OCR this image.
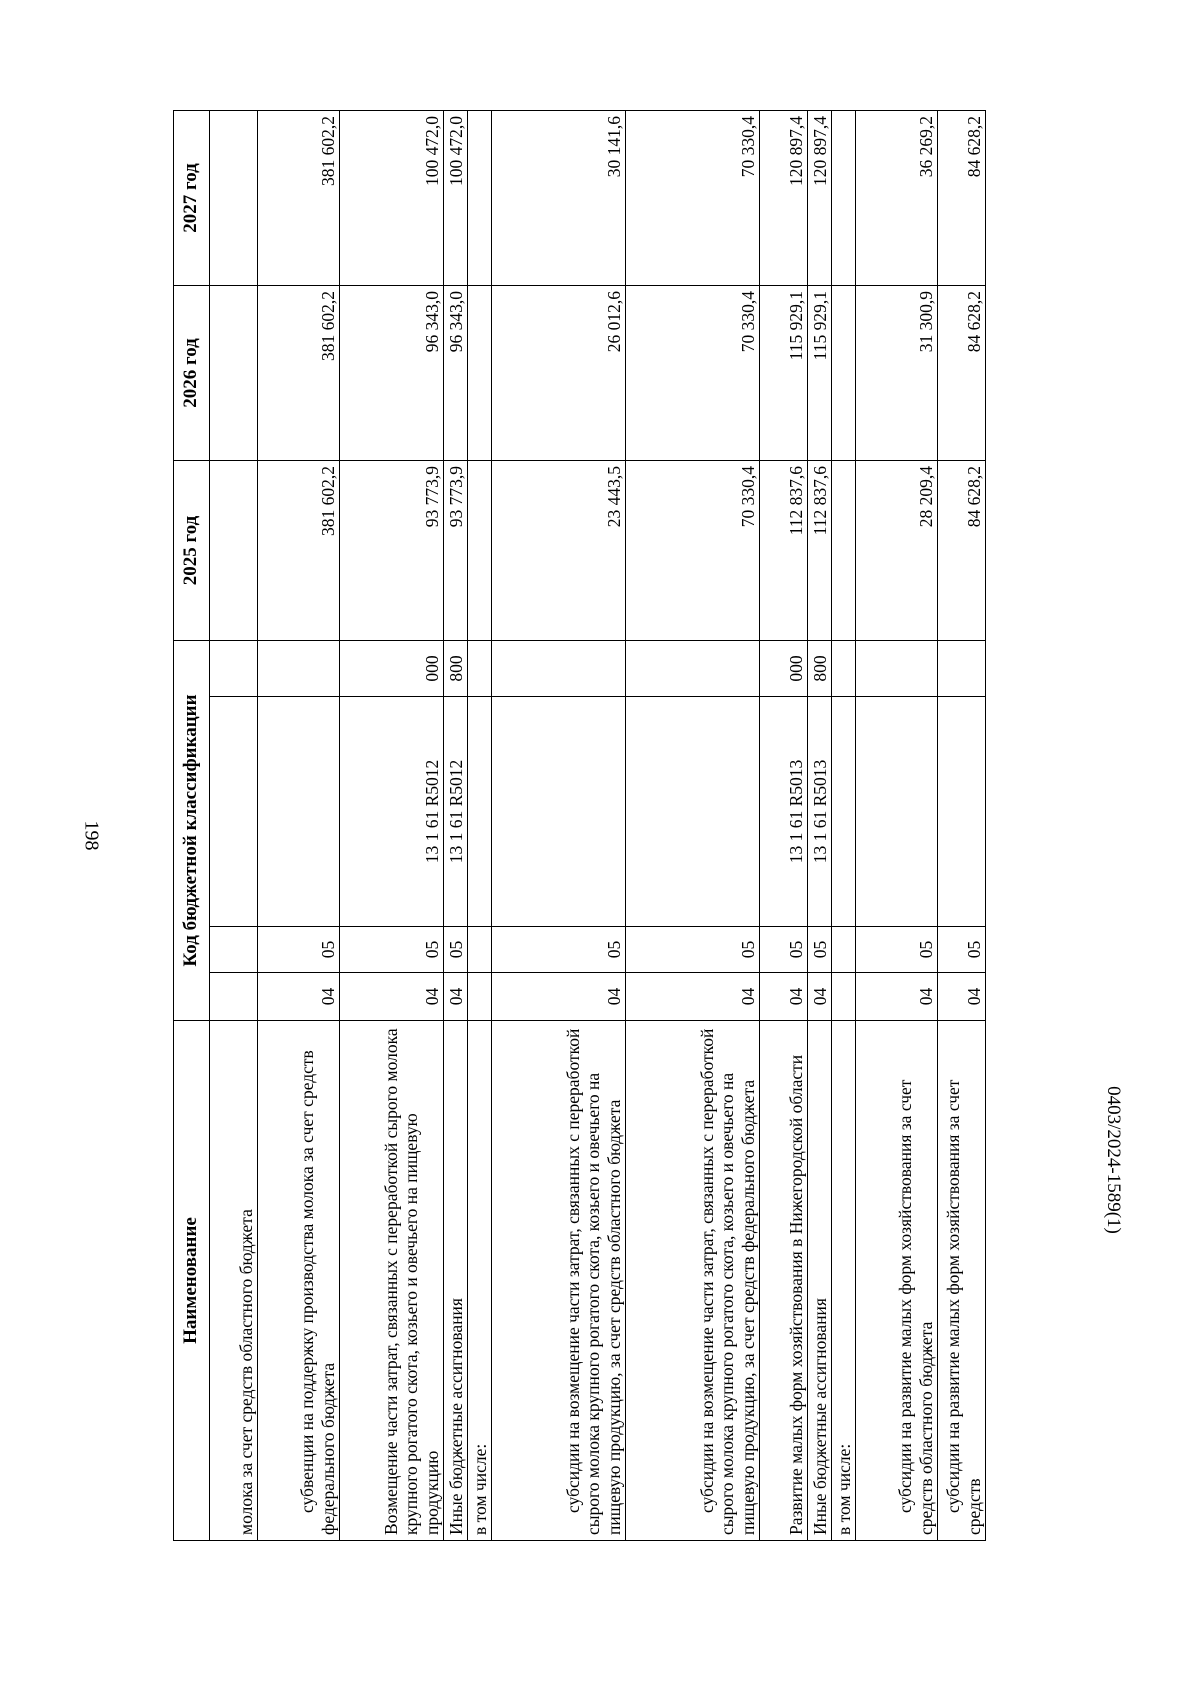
198
Наименование	Код бюджетной классификации				2025 год	2026 год	2027 год
молока за счет средств областного бюджета							
субвенции на поддержку производства молока за счет средств федерального бюджета	04	05			381 602,2	381 602,2	381 602,2
Возмещение части затрат, связанных с переработкой сырого молока крупного рогатого скота, козьего и овечьего на пищевую продукцию	04	05	13 1 61 R5012	000	93 773,9	96 343,0	100 472,0
Иные бюджетные ассигнования	04	05	13 1 61 R5012	800	93 773,9	96 343,0	100 472,0
в том числе:							
субсидии на возмещение части затрат, связанных с переработкой сырого молока крупного рогатого скота, козьего и овечьего на пищевую продукцию, за счет средств областного бюджета	04	05			23 443,5	26 012,6	30 141,6
субсидии на возмещение части затрат, связанных с переработкой сырого молока крупного рогатого скота, козьего и овечьего на пищевую продукцию, за счет средств федерального бюджета	04	05			70 330,4	70 330,4	70 330,4
Развитие малых форм хозяйствования в Нижегородской области	04	05	13 1 61 R5013	000	112 837,6	115 929,1	120 897,4
Иные бюджетные ассигнования	04	05	13 1 61 R5013	800	112 837,6	115 929,1	120 897,4
в том числе:							
субсидии на развитие малых форм хозяйствования за счет средств областного бюджета	04	05			28 209,4	31 300,9	36 269,2
субсидии на развитие малых форм хозяйствования за счет средств	04	05			84 628,2	84 628,2	84 628,2
0403/2024-1589(1)
